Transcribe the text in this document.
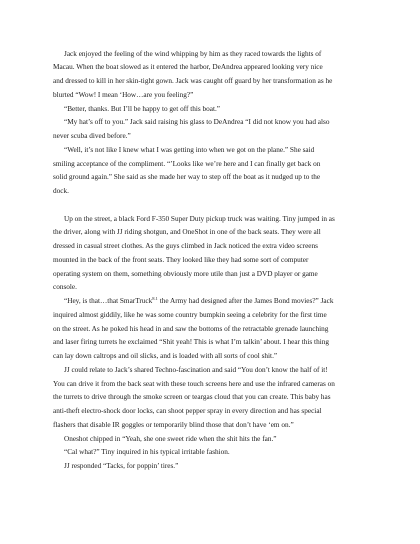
Jack enjoyed the feeling of the wind whipping by him as they raced towards the lights of
Macau. When the boat slowed as it entered the harbor, DeAndrea appeared looking very nice
and dressed to kill in her skin-tight gown. Jack was caught off guard by her transformation as he
blurted “Wow! I mean ‘How…are you feeling?”

“Better, thanks. But I’ll be happy to get off this boat.”

“My hat’s off to you.” Jack said raising his glass to DeAndrea “I did not know you had also
never scuba dived before.”

“Well, it’s not like I knew what I was getting into when we got on the plane.” She said
smiling acceptance of the compliment. “’Looks like we’re here and I can finally get back on
solid ground again.” She said as she made her way to step off the boat as it nudged up to the
dock.

Up on the street, a black Ford F-350 Super Duty pickup truck was waiting. Tiny jumped in as
the driver, along with JJ riding shotgun, and OneShot in one of the back seats. They were all
dressed in casual street clothes. As the guys climbed in Jack noticed the extra video screens
mounted in the back of the front seats. They looked like they had some sort of computer
operating system on them, something obviously more utile than just a DVD player or game
console.

“Hey, is that…that SmarTruck$^{8.1}$ the Army had designed after the James Bond movies?” Jack
inquired almost giddily, like he was some country bumpkin seeing a celebrity for the first time
on the street. As he poked his head in and saw the bottoms of the retractable grenade launching
and laser firing turrets he exclaimed “Shit yeah! This is what I’m talkin’ about. I hear this thing
can lay down caltrops and oil slicks, and is loaded with all sorts of cool shit.”

JJ could relate to Jack’s shared Techno-fascination and said “You don’t know the half of it!
You can drive it from the back seat with these touch screens here and use the infrared cameras on
the turrets to drive through the smoke screen or teargas cloud that you can create. This baby has
anti-theft electro-shock door locks, can shoot pepper spray in every direction and has special
flashers that disable IR goggles or temporarily blind those that don’t have ‘em on.”

Oneshot chipped in “Yeah, she one sweet ride when the shit hits the fan.”

“Cal what?” Tiny inquired in his typical irritable fashion.

JJ responded “Tacks, for poppin’ tires.”
